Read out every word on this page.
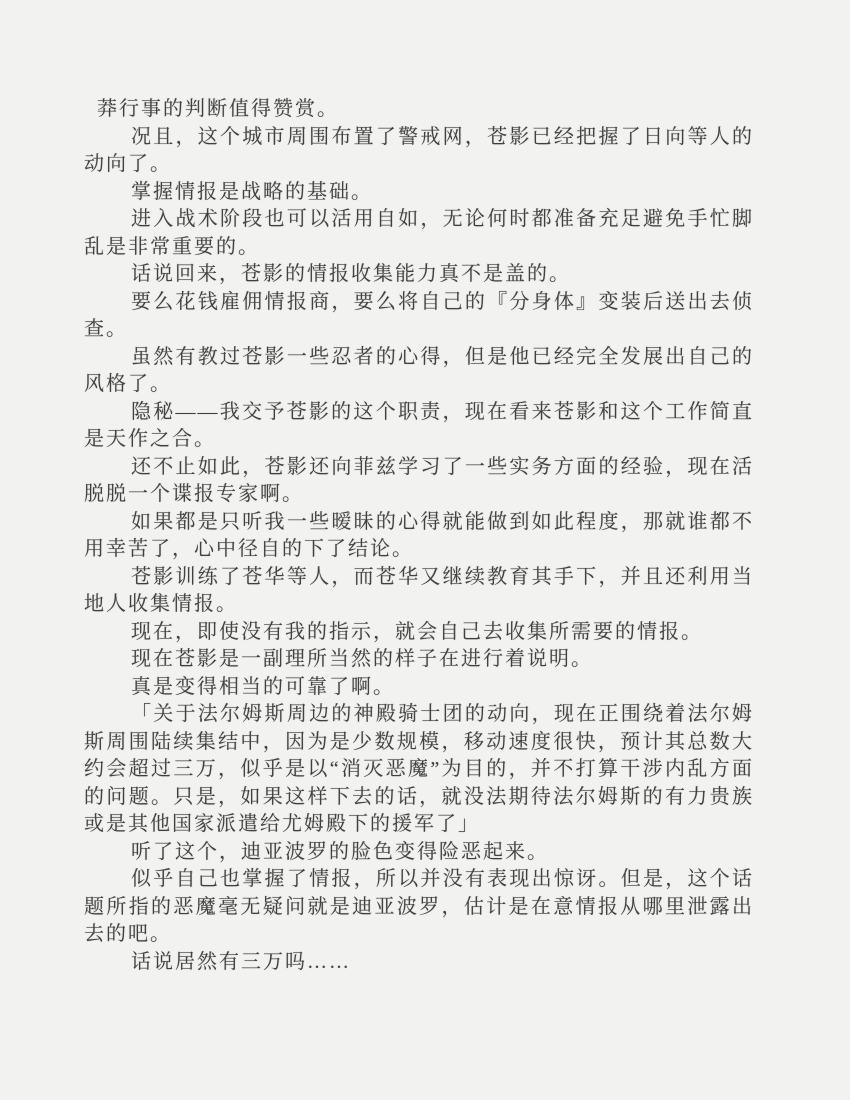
莽行事的判断值得赞赏。

况且，这个城市周围布置了警戒网，苍影已经把握了日向等人的动向了。

掌握情报是战略的基础。

进入战术阶段也可以活用自如，无论何时都准备充足避免手忙脚乱是非常重要的。

话说回来，苍影的情报收集能力真不是盖的。

要么花钱雇佣情报商，要么将自己的『分身体』变装后送出去侦查。

虽然有教过苍影一些忍者的心得，但是他已经完全发展出自己的风格了。

隐秘——我交予苍影的这个职责，现在看来苍影和这个工作简直是天作之合。

还不止如此，苍影还向菲兹学习了一些实务方面的经验，现在活脱脱一个谍报专家啊。

如果都是只听我一些暧昧的心得就能做到如此程度，那就谁都不用幸苦了，心中径自的下了结论。

苍影训练了苍华等人，而苍华又继续教育其手下，并且还利用当地人收集情报。

现在，即使没有我的指示，就会自己去收集所需要的情报。

现在苍影是一副理所当然的样子在进行着说明。

真是变得相当的可靠了啊。

「关于法尔姆斯周边的神殿骑士团的动向，现在正围绕着法尔姆斯周围陆续集结中，因为是少数规模，移动速度很快，预计其总数大约会超过三万，似乎是以“消灭恶魔”为目的，并不打算干涉内乱方面的问题。只是，如果这样下去的话，就没法期待法尔姆斯的有力贵族或是其他国家派遣给尤姆殿下的援军了」

听了这个，迪亚波罗的脸色变得险恶起来。

似乎自己也掌握了情报，所以并没有表现出惊讶。但是，这个话题所指的恶魔毫无疑问就是迪亚波罗，估计是在意情报从哪里泄露出去的吧。

话说居然有三万吗……
